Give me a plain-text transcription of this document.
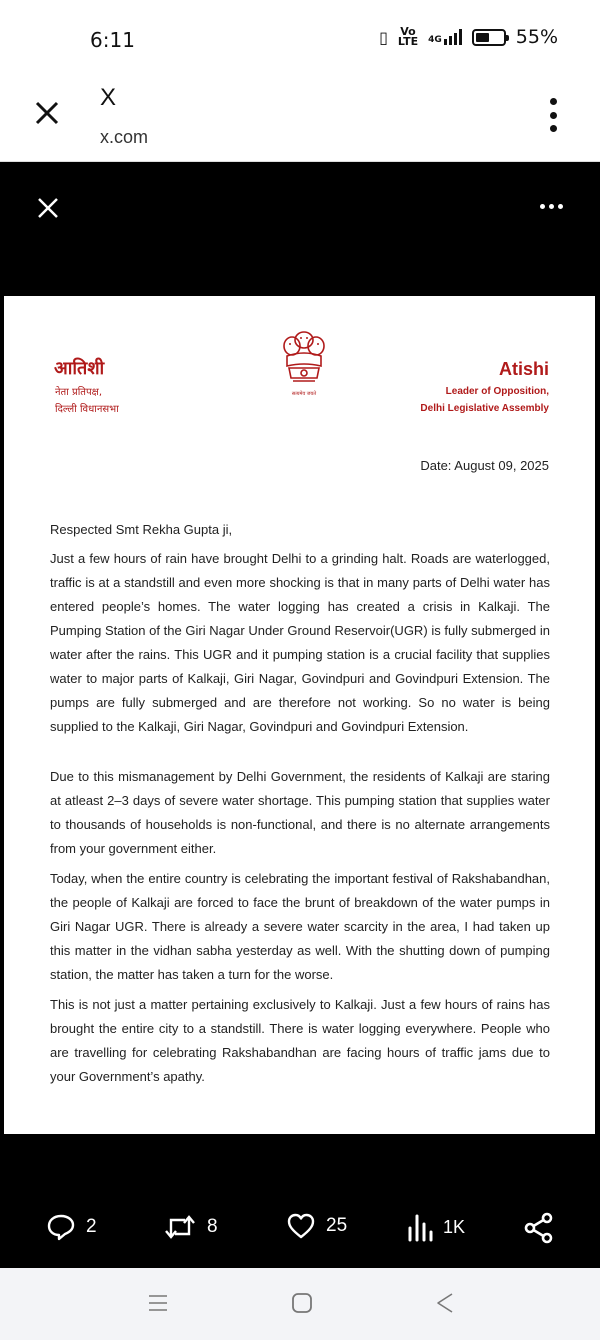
6:11	▯ Vo
LTE 4G	55%
X
x.com
आतिशी
नेता प्रतिपक्ष,
दिल्ली विधानसभा
सत्यमेव जयते
Atishi
Leader of Opposition,
Delhi Legislative Assembly
Date: August 09, 2025
Respected Smt Rekha Gupta ji,
Just a few hours of rain have brought Delhi to a grinding halt. Roads are waterlogged, traffic is at a standstill and even more shocking is that in many parts of Delhi water has entered people’s homes. The water logging has created a crisis in Kalkaji. The Pumping Station of the Giri Nagar Under Ground Reservoir(UGR) is fully submerged in water after the rains. This UGR and it pumping station is a crucial facility that supplies water to major parts of Kalkaji, Giri Nagar, Govindpuri and Govindpuri Extension. The pumps are fully submerged and are therefore not working. So no water is being supplied to the Kalkaji, Giri Nagar, Govindpuri and Govindpuri Extension.
Due to this mismanagement by Delhi Government, the residents of Kalkaji are staring at atleast 2–3 days of severe water shortage. This pumping station that supplies water to thousands of households is non-functional, and there is no alternate arrangements from your government either.
Today, when the entire country is celebrating the important festival of Rakshabandhan, the people of Kalkaji are forced to face the brunt of breakdown of the water pumps in Giri Nagar UGR. There is already a severe water scarcity in the area, I had taken up this matter in the vidhan sabha yesterday as well. With the shutting down of pumping station, the matter has taken a turn for the worse.
This is not just a matter pertaining exclusively to Kalkaji. Just a few hours of rains has brought the entire city to a standstill. There is water logging everywhere. People who are travelling for celebrating Rakshabandhan are facing hours of traffic jams due to your Government’s apathy.
2	8	25	1K
